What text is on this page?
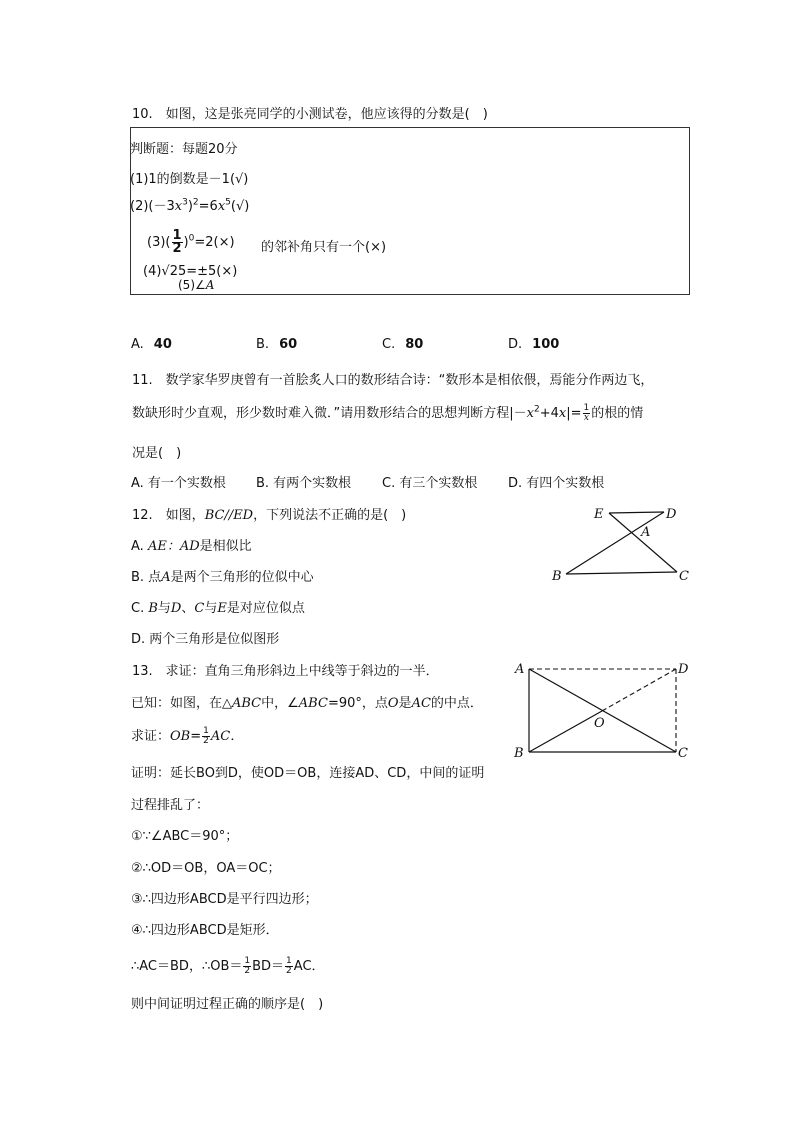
10.　如图，这是张亮同学的小测试卷，他应该得的分数是(　)
判断题：每题20分
(1)1的倒数是－1(√)
$(2)(-3x^3)^2=6x^5(√)$
$(3)( \frac{1}{2} )^0=2(\times)$ 的邻补角只有一个(×)
(4)√25=±5(×)
(5)∠A
A. 40	B. 60	C. 80	D. 100
11.　数学家华罗庚曾有一首脍炙人口的数形结合诗：“数形本是相依偎，焉能分作两边飞，
数缺形时少直观，形少数时难入微．”请用数形结合的思想判断方程$|-x^2+4x|= \frac{1}{x}$ 的根的情
况是(　)
A. 有一个实数根 B. 有两个实数根 C. 有三个实数根 D. 有四个实数根
12.　如图，BC//ED，下列说法不正确的是(　)
A. AE：AD是相似比
B. 点A是两个三角形的位似中心
C. B与D、C与E是对应位似点
D. 两个三角形是位似图形
E	D
A
B	C
13.　求证：直角三角形斜边上中线等于斜边的一半．
已知：如图，在△ABC中，∠ABC=90°，点O是AC的中点．
求证：$OB= \frac{1}{2}$ AC．
证明：延长BO到D，使OD＝OB，连接AD、CD，中间的证明
过程排乱了：
①∵∠ABC＝90°；
②∴OD＝OB，OA＝OC；
③∴四边形ABCD是平行四边形；
④∴四边形ABCD是矩形．
∴AC＝BD，∴OB＝ $\frac{1}{2} BD= \frac{1}{2}$ AC．
则中间证明过程正确的顺序是(　)
A	D
O
B	C
